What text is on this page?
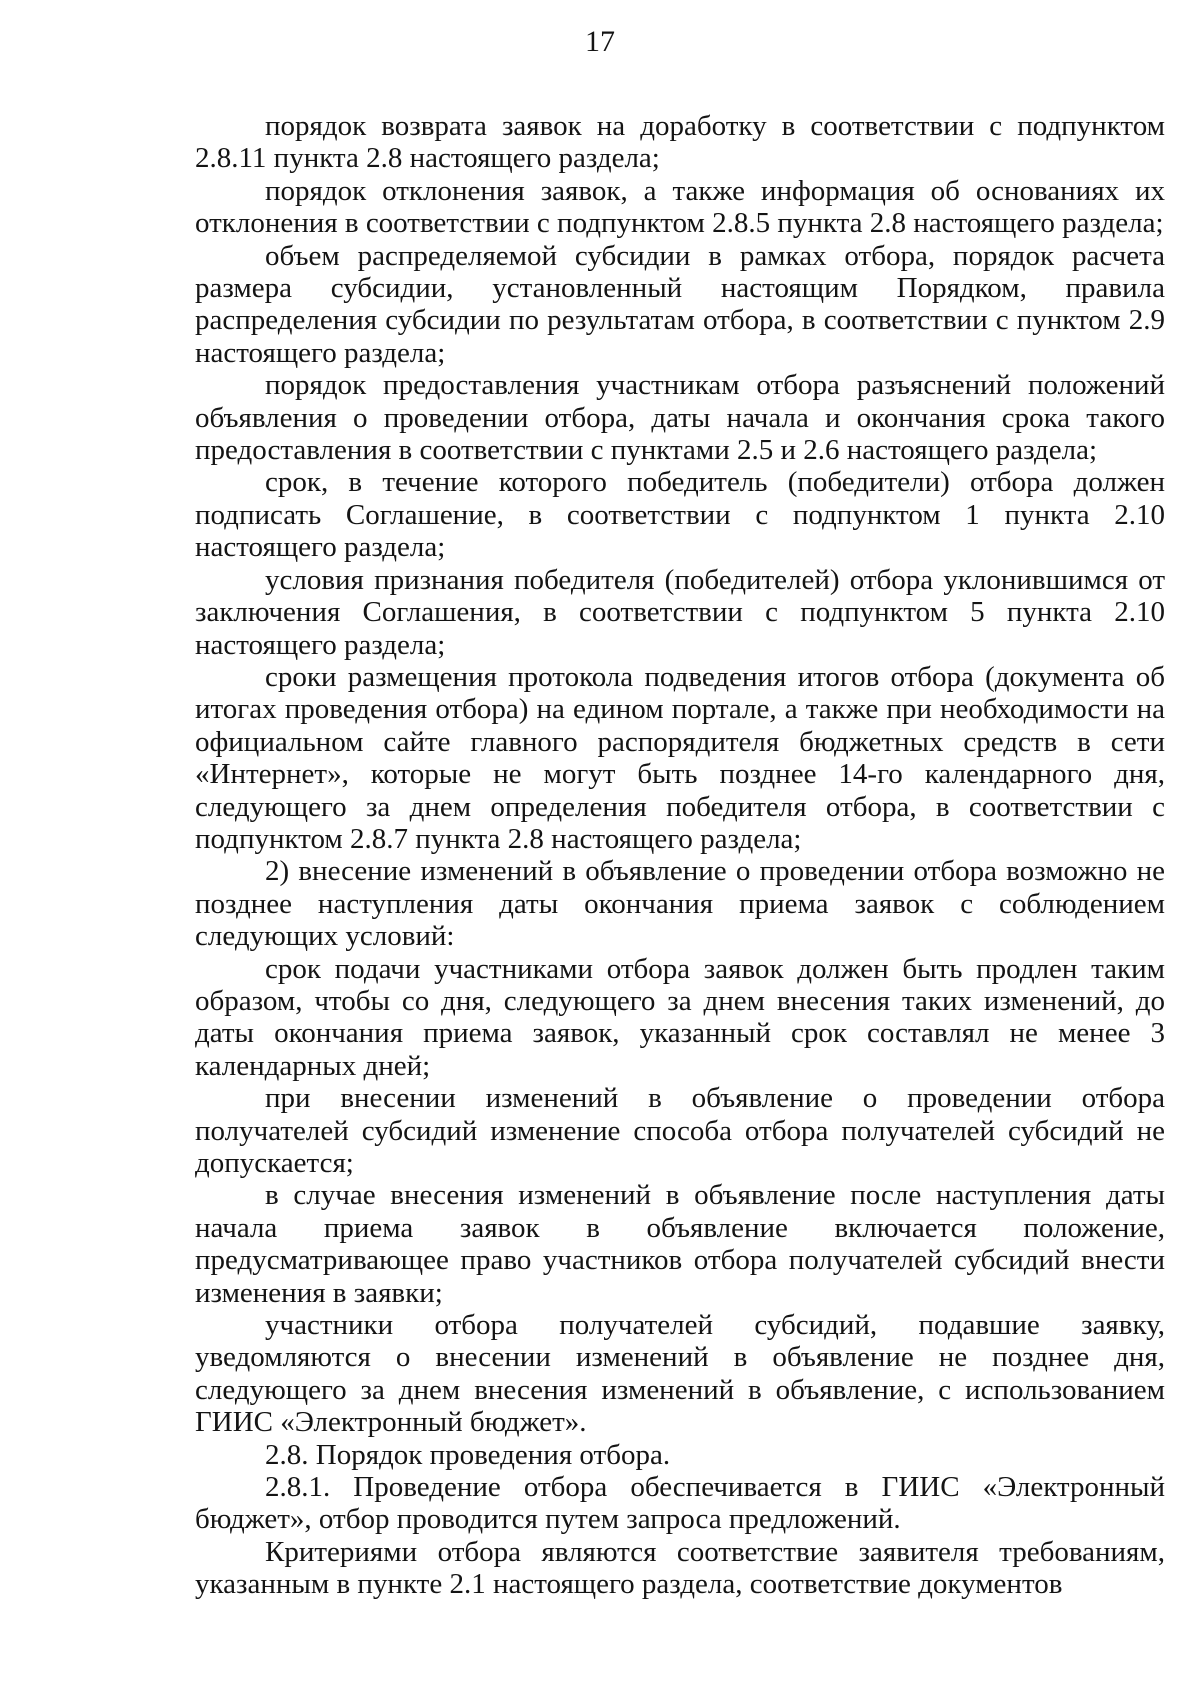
17

порядок возврата заявок на доработку в соответствии с подпунктом 2.8.11 пункта 2.8 настоящего раздела;

порядок отклонения заявок, а также информация об основаниях их отклонения в соответствии с подпунктом 2.8.5 пункта 2.8 настоящего раздела;

объем распределяемой субсидии в рамках отбора, порядок расчета размера субсидии, установленный настоящим Порядком, правила распределения субсидии по результатам отбора, в соответствии с пунктом 2.9 настоящего раздела;

порядок предоставления участникам отбора разъяснений положений объявления о проведении отбора, даты начала и окончания срока такого предоставления в соответствии с пунктами 2.5 и 2.6 настоящего раздела;

срок, в течение которого победитель (победители) отбора должен подписать Соглашение, в соответствии с подпунктом 1 пункта 2.10 настоящего раздела;

условия признания победителя (победителей) отбора уклонившимся от заключения Соглашения, в соответствии с подпунктом 5 пункта 2.10 настоящего раздела;

сроки размещения протокола подведения итогов отбора (документа об итогах проведения отбора) на едином портале, а также при необходимости на официальном сайте главного распорядителя бюджетных средств в сети «Интернет», которые не могут быть позднее 14-го календарного дня, следующего за днем определения победителя отбора, в соответствии с подпунктом 2.8.7 пункта 2.8 настоящего раздела;

2) внесение изменений в объявление о проведении отбора возможно не позднее наступления даты окончания приема заявок с соблюдением следующих условий:

срок подачи участниками отбора заявок должен быть продлен таким образом, чтобы со дня, следующего за днем внесения таких изменений, до даты окончания приема заявок, указанный срок составлял не менее 3 календарных дней;

при внесении изменений в объявление о проведении отбора получателей субсидий изменение способа отбора получателей субсидий не допускается;

в случае внесения изменений в объявление после наступления даты начала приема заявок в объявление включается положение, предусматривающее право участников отбора получателей субсидий внести изменения в заявки;

участники отбора получателей субсидий, подавшие заявку, уведомляются о внесении изменений в объявление не позднее дня, следующего за днем внесения изменений в объявление, с использованием ГИИС «Электронный бюджет».

2.8. Порядок проведения отбора.

2.8.1. Проведение отбора обеспечивается в ГИИС «Электронный бюджет», отбор проводится путем запроса предложений.

Критериями отбора являются соответствие заявителя требованиям, указанным в пункте 2.1 настоящего раздела, соответствие документов
